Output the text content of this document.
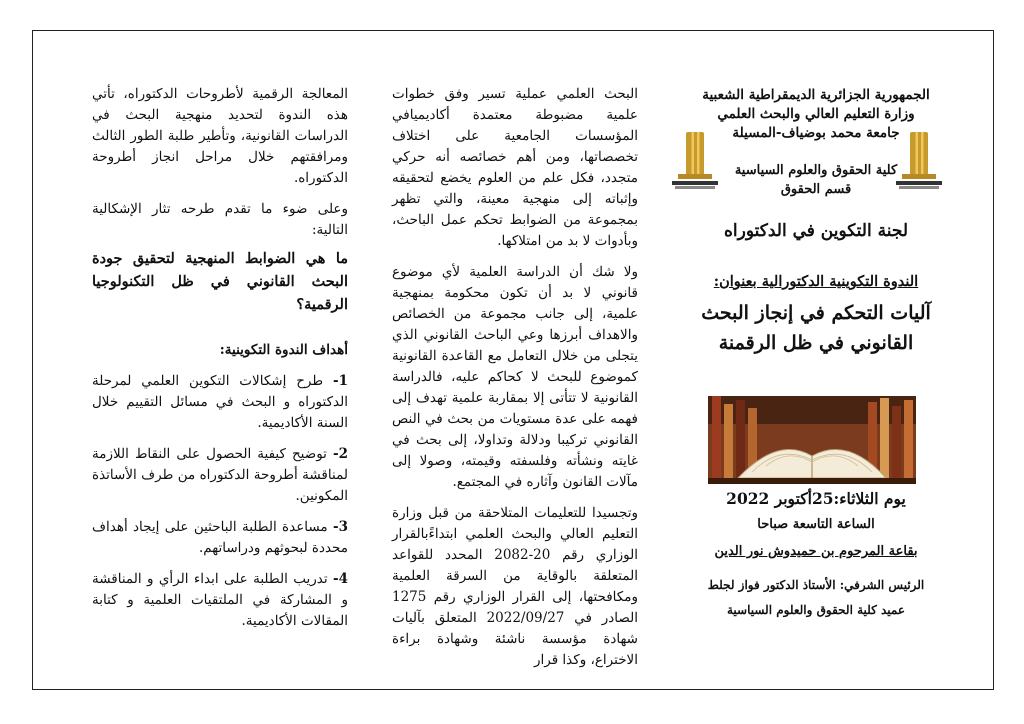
المعالجة الرقمية لأطروحات الدكتوراه، تأتي هذه الندوة لتحديد منهجية البحث في الدراسات القانونية، وتأطير طلبة الطور الثالث ومرافقتهم خلال مراحل انجاز أطروحة الدكتوراه.

وعلى ضوء ما تقدم طرحه تثار الإشكالية التالية:

ما هي الضوابط المنهجية لتحقيق جودة البحث القانوني في ظل التكنولوجيا الرقمية؟

أهداف الندوة التكوينية:

1- طرح إشكالات التكوين العلمي لمرحلة الدكتوراه و البحث في مسائل التقييم خلال السنة الأكاديمية.

2- توضيح كيفية الحصول على النقاط اللازمة لمناقشة أطروحة الدكتوراه من طرف الأساتذة المكونين.

3- مساعدة الطلبة الباحثين على إيجاد أهداف محددة لبحوثهم ودراساتهم.

4- تدريب الطلبة على ابداء الرأي و المناقشة و المشاركة في الملتقيات العلمية و كتابة المقالات الأكاديمية.

البحث العلمي عملية تسير وفق خطوات علمية مضبوطة معتمدة أكاديميافي المؤسسات الجامعية على اختلاف تخصصاتها، ومن أهم خصائصه أنه حركي متجدد، فكل علم من العلوم يخضع لتحقيقه وإثباته إلى منهجية معينة، والتي تظهر بمجموعة من الضوابط تحكم عمل الباحث، وبأدوات لا بد من امتلاكها.

ولا شك أن الدراسة العلمية لأي موضوع قانوني لا بد أن تكون محكومة بمنهجية علمية، إلى جانب مجموعة من الخصائص والاهداف أبرزها وعي الباحث القانوني الذي يتجلى من خلال التعامل مع القاعدة القانونية كموضوع للبحث لا كحاكم عليه، فالدراسة القانونية لا تتأتى إلا بمقاربة علمية تهدف إلى فهمه على عدة مستويات من بحث في النص القانوني تركيبا ودلالة وتداولا، إلى بحث في غايته ونشأته وفلسفته وقيمته، وصولا إلى مآلات القانون وآثاره في المجتمع.

وتجسيدا للتعليمات المتلاحقة من قبل وزارة التعليم العالي والبحث العلمي ابتداءًبالقرار الوزاري رقم 20-2082 المحدد للقواعد المتعلقة بالوقاية من السرقة العلمية ومكافحتها، إلى القرار الوزاري رقم 1275 الصادر في 2022/09/27 المتعلق بآليات شهادة مؤسسة ناشئة وشهادة براءة الاختراع، وكذا قرار

الجمهورية الجزائرية الديمقراطية الشعبية
وزارة التعليم العالي والبحث العلمي
جامعة محمد بوضياف-المسيلة
كلية الحقوق والعلوم السياسية
قسم الحقوق
لجنة التكوين في الدكتوراه
الندوة التكوينية الدكتورالية بعنوان:
آليات التحكم في إنجاز البحث
القانوني في ظل الرقمنة
يوم الثلاثاء:25أكتوبر 2022
الساعة التاسعة صباحا
بقاعة المرحوم بن حميدوش نور الدين
الرئيس الشرفي: الأستاذ الدكتور فواز لجلط
عميد كلية الحقوق والعلوم السياسية
